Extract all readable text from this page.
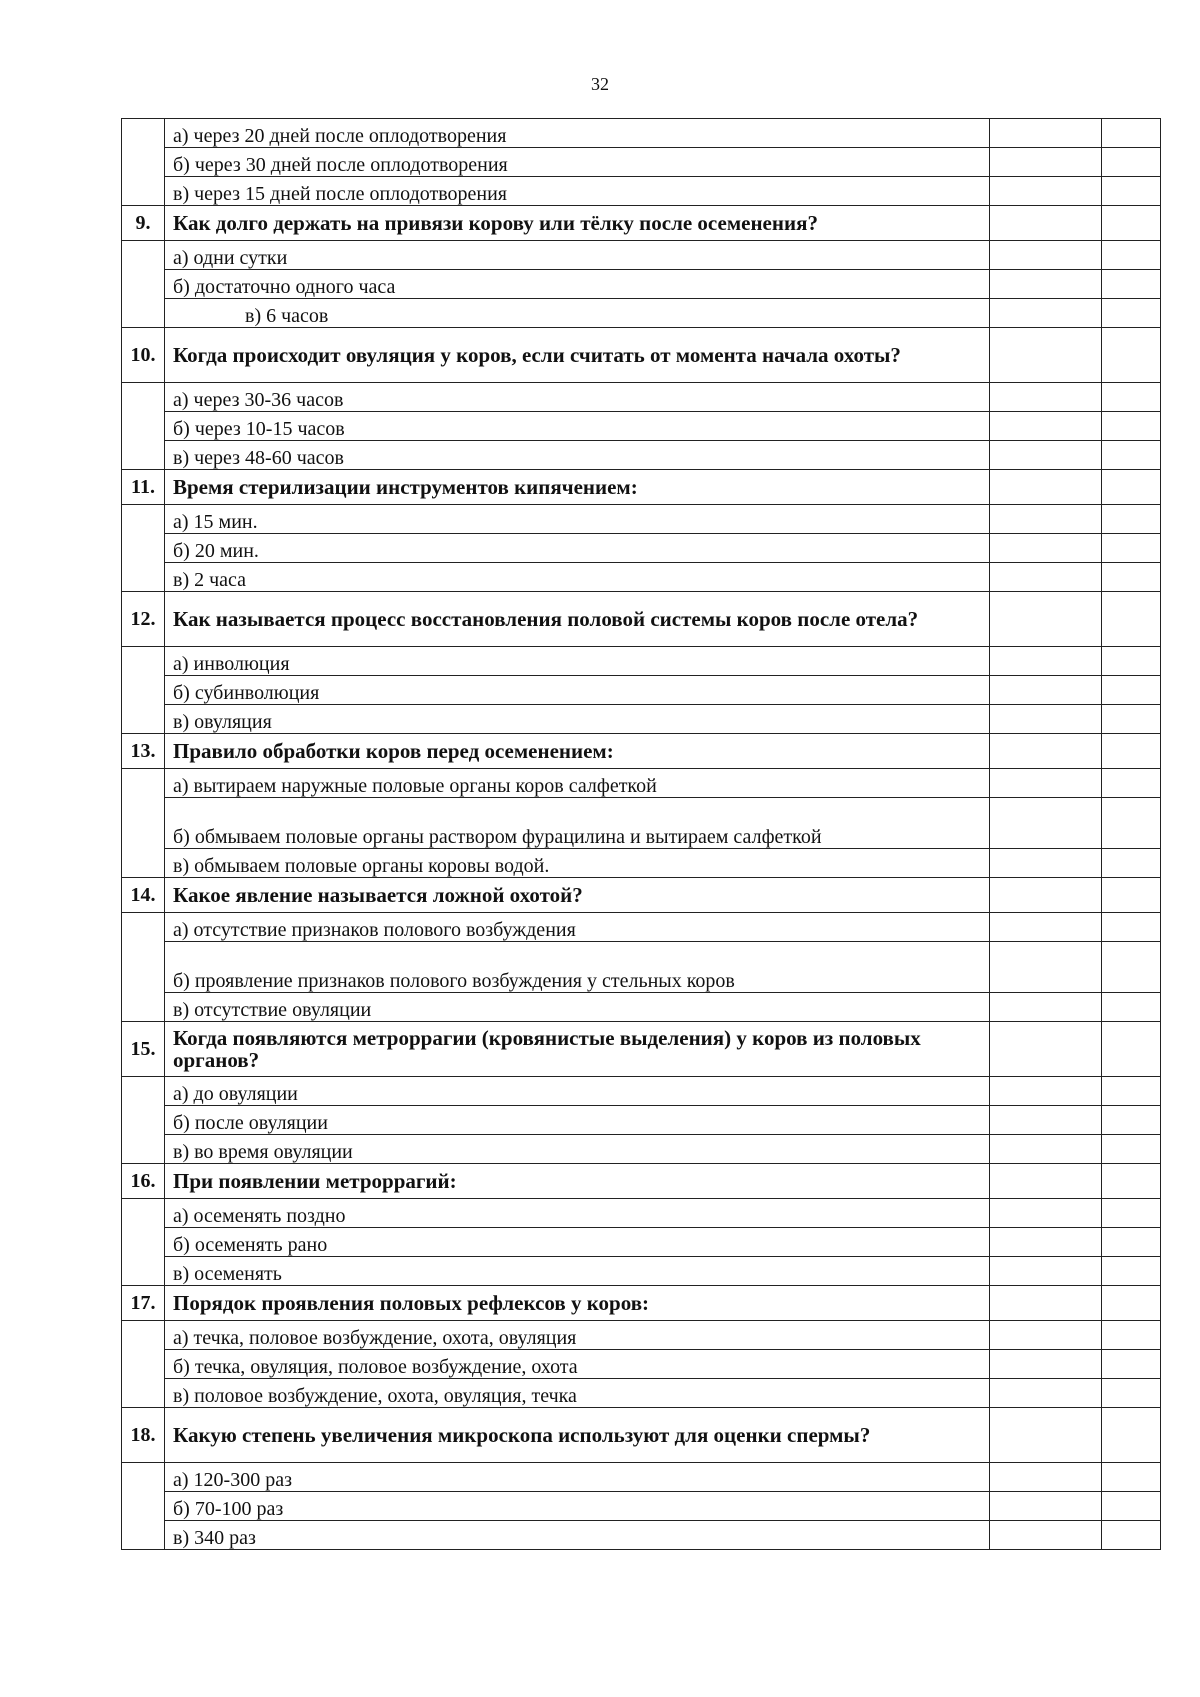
32
	а) через 20 дней после оплодотворения		
	б) через 30 дней после оплодотворения		
	в) через 15 дней после оплодотворения		
9.	Как долго держать на привязи корову или тёлку после осеменения?		
	а) одни сутки		
	б) достаточно одного часа		
	в) 6 часов		
10.	Когда происходит овуляция у коров, если считать от момента начала охоты?		
	а) через 30-36 часов		
	б) через 10-15 часов		
	в) через 48-60 часов		
11.	Время стерилизации инструментов кипячением:		
	а) 15 мин.		
	б) 20 мин.		
	в) 2 часа		
12.	Как называется процесс восстановления половой системы коров после отела?		
	а) инволюция		
	б) субинволюция		
	в) овуляция		
13.	Правило обработки коров перед осеменением:		
	а) вытираем наружные половые органы коров салфеткой		
	б) обмываем половые органы раствором фурацилина и вытираем салфеткой		
	в) обмываем половые органы коровы водой.		
14.	Какое явление называется ложной охотой?		
	а) отсутствие признаков полового возбуждения		
	б) проявление признаков полового возбуждения у стельных коров		
	в) отсутствие овуляции		
15.	Когда появляются метроррагии (кровянистые выделения) у коров из половых органов?		
	а) до овуляции		
	б) после овуляции		
	в) во время овуляции		
16.	При появлении метроррагий:		
	а) осеменять поздно		
	б) осеменять рано		
	в) осеменять		
17.	Порядок проявления половых рефлексов у коров:		
	а) течка, половое возбуждение, охота, овуляция		
	б) течка, овуляция, половое возбуждение, охота		
	в) половое возбуждение, охота, овуляция, течка		
18.	Какую степень увеличения микроскопа используют для оценки спермы?		
	а) 120-300 раз		
	б) 70-100 раз		
	в) 340 раз		
